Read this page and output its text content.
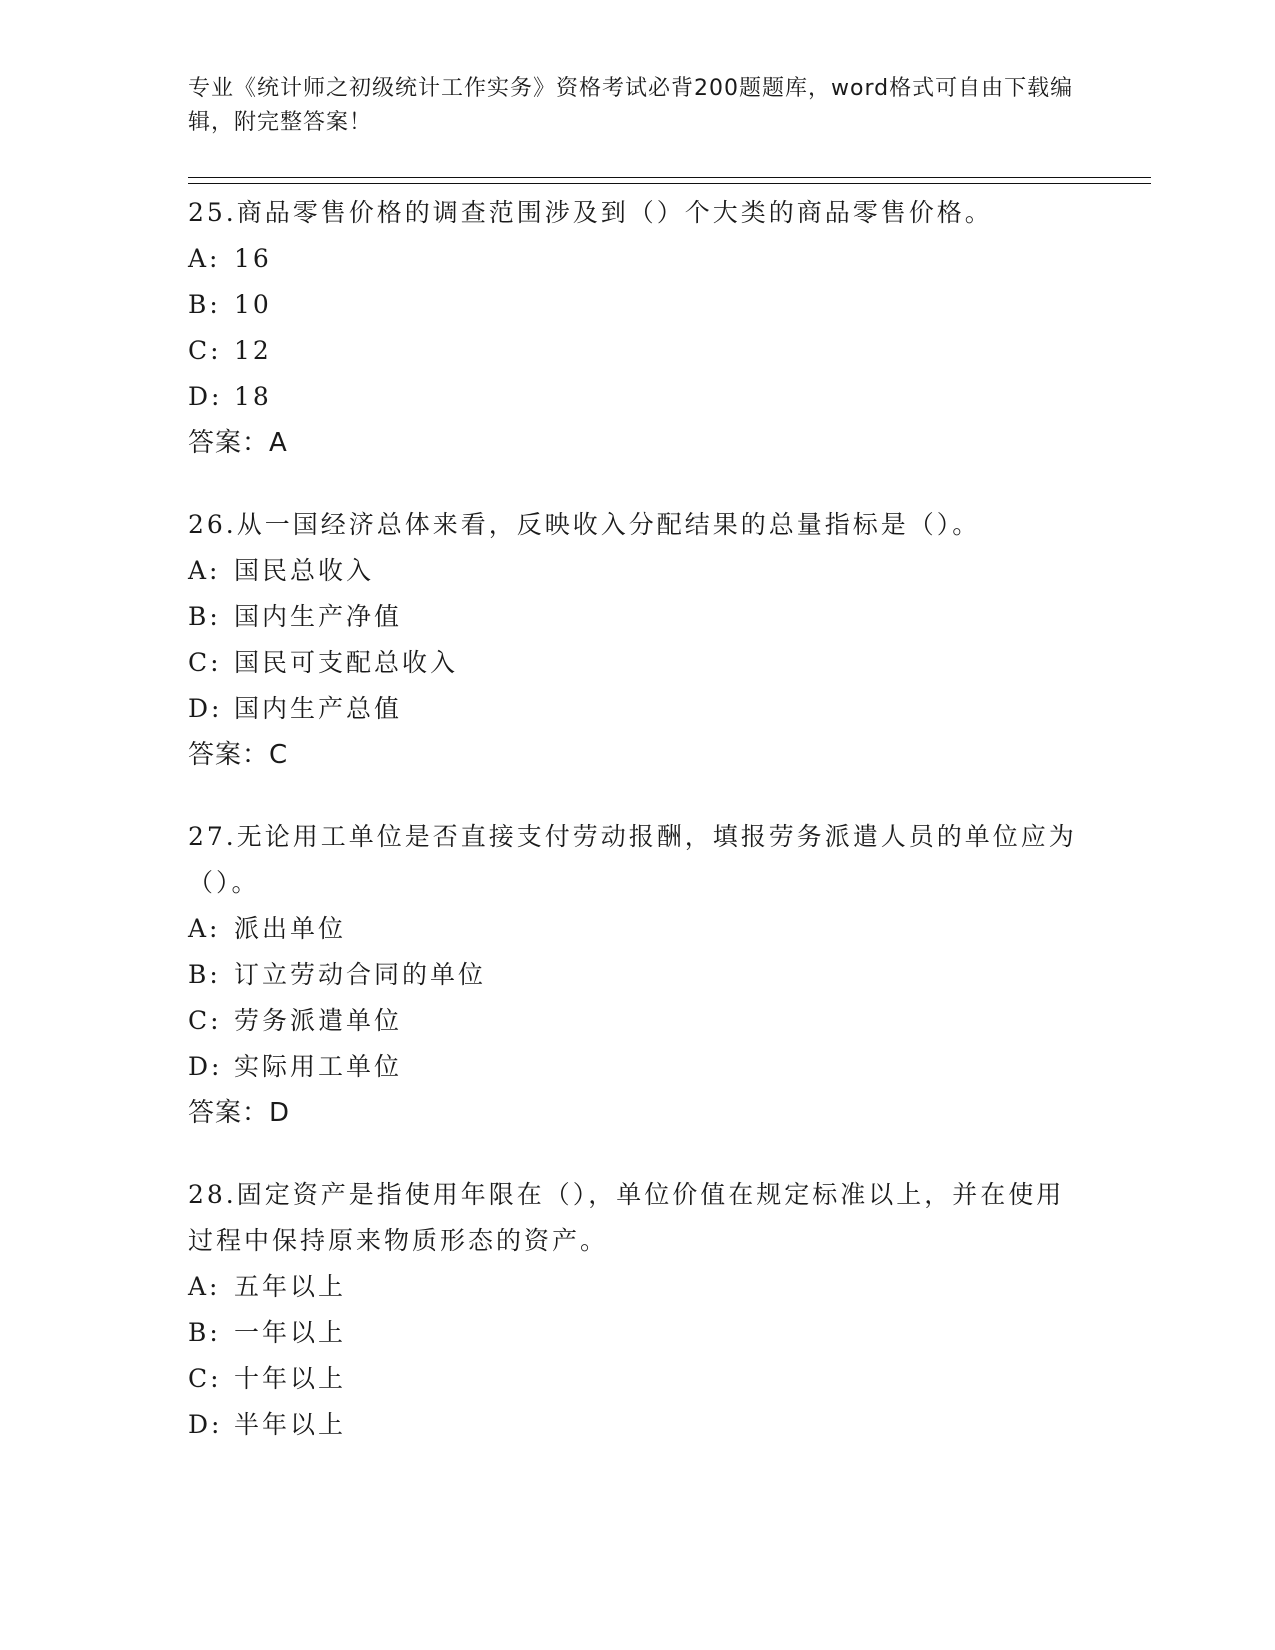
专业《统计师之初级统计工作实务》资格考试必背200题题库，word格式可自由下载编辑，附完整答案！

25.商品零售价格的调查范围涉及到（）个大类的商品零售价格。

A: 16

B: 10

C: 12

D: 18

答案：A

26.从一国经济总体来看，反映收入分配结果的总量指标是（）。

A: 国民总收入

B: 国内生产净值

C: 国民可支配总收入

D: 国内生产总值

答案：C

27.无论用工单位是否直接支付劳动报酬，填报劳务派遣人员的单位应为（）。

A: 派出单位

B: 订立劳动合同的单位

C: 劳务派遣单位

D: 实际用工单位

答案：D

28.固定资产是指使用年限在（），单位价值在规定标准以上，并在使用过程中保持原来物质形态的资产。

A: 五年以上

B: 一年以上

C: 十年以上

D: 半年以上
